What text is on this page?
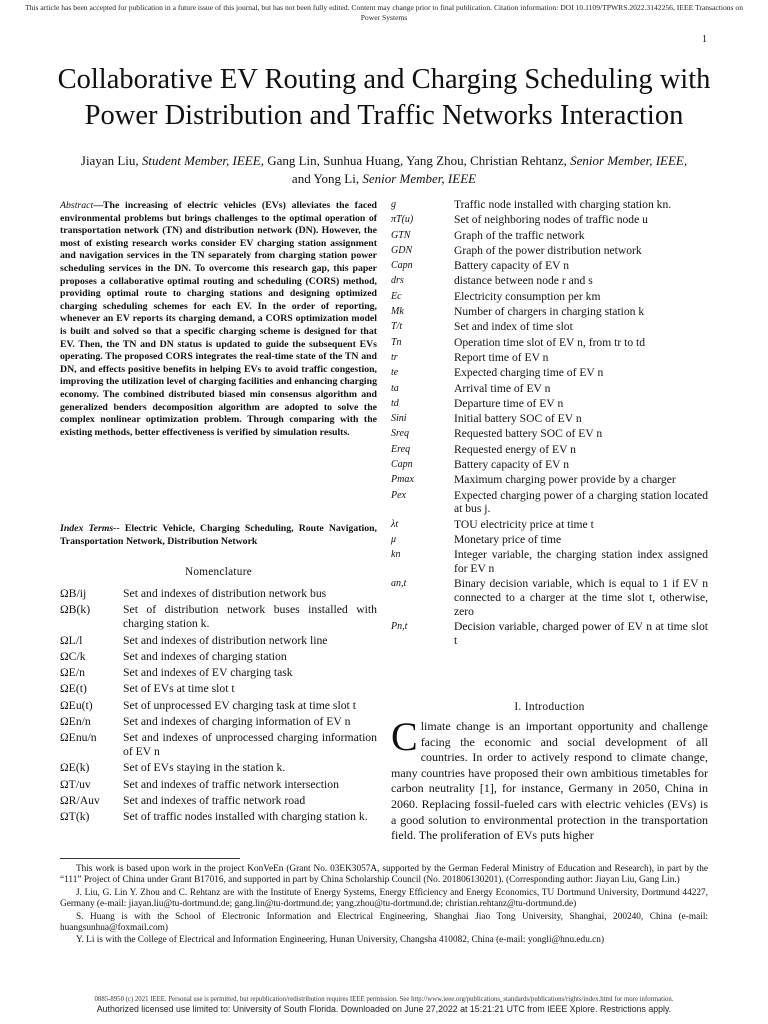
This article has been accepted for publication in a future issue of this journal, but has not been fully edited. Content may change prior to final publication. Citation information: DOI 10.1109/TPWRS.2022.3142256, IEEE Transactions on Power Systems
1
Collaborative EV Routing and Charging Scheduling with Power Distribution and Traffic Networks Interaction
Jiayan Liu, Student Member, IEEE, Gang Lin, Sunhua Huang, Yang Zhou, Christian Rehtanz, Senior Member, IEEE, and Yong Li, Senior Member, IEEE
Abstract—The increasing of electric vehicles (EVs) alleviates the faced environmental problems but brings challenges to the optimal operation of transportation network (TN) and distribution network (DN). However, the most of existing research works consider EV charging station assignment and navigation services in the TN separately from charging station power scheduling services in the DN. To overcome this research gap, this paper proposes a collaborative optimal routing and scheduling (CORS) method, providing optimal route to charging stations and designing optimized charging scheduling schemes for each EV. In the order of reporting, whenever an EV reports its charging demand, a CORS optimization model is built and solved so that a specific charging scheme is designed for that EV. Then, the TN and DN status is updated to guide the subsequent EVs operating. The proposed CORS integrates the real-time state of the TN and DN, and effects positive benefits in helping EVs to avoid traffic congestion, improving the utilization level of charging facilities and enhancing charging economy. The combined distributed biased min consensus algorithm and generalized benders decomposition algorithm are adopted to solve the complex nonlinear optimization problem. Through comparing with the existing methods, better effectiveness is verified by simulation results.
Index Terms-- Electric Vehicle, Charging Scheduling, Route Navigation, Transportation Network, Distribution Network
Nomenclature
ΩB/ij	Set and indexes of distribution network bus
ΩB(k)	Set of distribution network buses installed with charging station k.
ΩL/l	Set and indexes of distribution network line
ΩC/k	Set and indexes of charging station
ΩE/n	Set and indexes of EV charging task
ΩE(t)	Set of EVs at time slot t
ΩEu(t)	Set of unprocessed EV charging task at time slot t
ΩEn/n	Set and indexes of charging information of EV n
ΩEnu/n	Set and indexes of unprocessed charging information of EV n
ΩE(k)	Set of EVs staying in the station k.
ΩT/uv	Set and indexes of traffic network intersection
ΩR/Auv	Set and indexes of traffic network road
ΩT(k)	Set of traffic nodes installed with charging station k.
g	Traffic node installed with charging station kn.
πT(u)	Set of neighboring nodes of traffic node u
GTN	Graph of the traffic network
GDN	Graph of the power distribution network
Capn	Battery capacity of EV n
drs	distance between node r and s
Ec	Electricity consumption per km
Mk	Number of chargers in charging station k
T/t	Set and index of time slot
Tn	Operation time slot of EV n, from tr to td
tr	Report time of EV n
te	Expected charging time of EV n
ta	Arrival time of EV n
td	Departure time of EV n
Sini	Initial battery SOC of EV n
Sreq	Requested battery SOC of EV n
Ereq	Requested energy of EV n
Capn	Battery capacity of EV n
Pmax	Maximum charging power provide by a charger
Pex	Expected charging power of a charging station located at bus j.
λt	TOU electricity price at time t
μ	Monetary price of time
kn	Integer variable, the charging station index assigned for EV n
an,t	Binary decision variable, which is equal to 1 if EV n connected to a charger at the time slot t, otherwise, zero
Pn,t	Decision variable, charged power of EV n at time slot t
I. Introduction
Climate change is an important opportunity and challenge facing the economic and social development of all countries. In order to actively respond to climate change, many countries have proposed their own ambitious timetables for carbon neutrality [1], for instance, Germany in 2050, China in 2060. Replacing fossil-fueled cars with electric vehicles (EVs) is a good solution to environmental protection in the transportation field. The proliferation of EVs puts higher

This work is based upon work in the project KonVeEn (Grant No. 03EK3057A, supported by the German Federal Ministry of Education and Research), in part by the “111” Project of China under Grant B17016, and supported in part by China Scholarship Council (No. 201806130201). (Corresponding author: Jiayan Liu, Gang Lin.)

J. Liu, G. Lin Y. Zhou and C. Rehtanz are with the Institute of Energy Systems, Energy Efficiency and Energy Economics, TU Dortmund University, Dortmund 44227, Germany (e-mail: jiayan.liu@tu-dortmund.de; gang.lin@tu-dortmund.de; yang.zhou@tu-dortmund.de; christian.rehtanz@tu-dortmund.de)

S. Huang is with the School of Electronic Information and Electrical Engineering, Shanghai Jiao Tong University, Shanghai, 200240, China (e-mail: huangsunhua@foxmail.com)

Y. Li is with the College of Electrical and Information Engineering, Hunan University, Changsha 410082, China (e-mail: yongli@hnu.edu.cn)

0885-8950 (c) 2021 IEEE. Personal use is permitted, but republication/redistribution requires IEEE permission. See http://www.ieee.org/publications_standards/publications/rights/index.html for more information.
Authorized licensed use limited to: University of South Florida. Downloaded on June 27,2022 at 15:21:21 UTC from IEEE Xplore. Restrictions apply.
